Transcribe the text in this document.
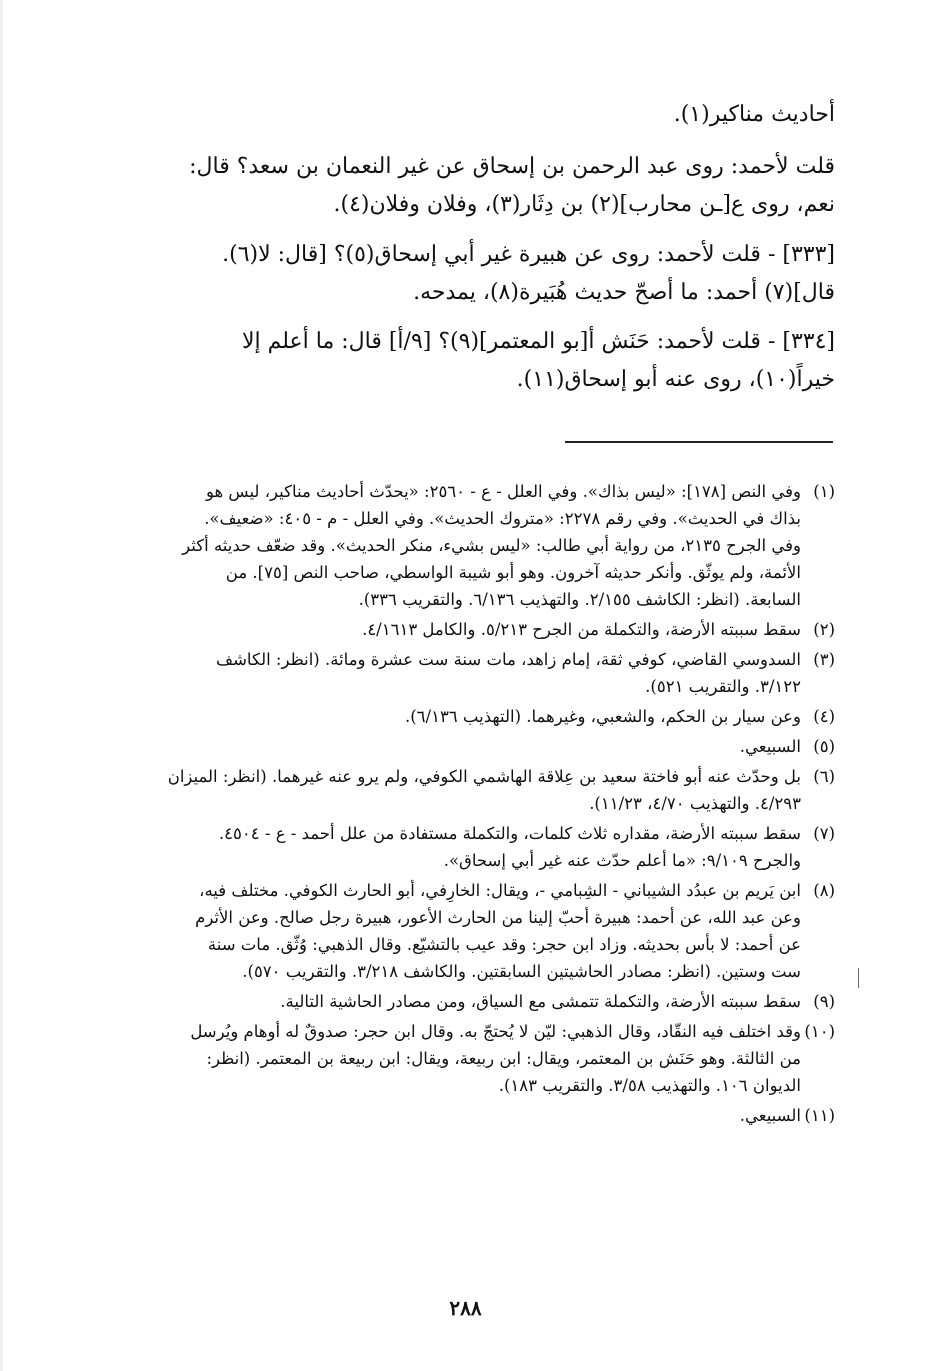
أحاديث مناكير(١).

قلت لأحمد: روى عبد الرحمن بن إسحاق عن غير النعمان بن سعد؟ قال:

نعم، روى ع[ـن محارب](٢) بن دِثَار(٣)، وفلان وفلان(٤).

[٣٣٣] - قلت لأحمد: روى عن هبيرة غير أبي إسحاق(٥)؟ [قال: لا(٦).

قال](٧) أحمد: ما أصحّ حديث هُبَيرة(٨)، يمدحه.

[٣٣٤] - قلت لأحمد: حَنَش أ[بو المعتمر](٩)؟ [٩/أ] قال: ما أعلم إلا

خيراً(١٠)، روى عنه أبو إسحاق(١١).

(١)
وفي النص [١٧٨]: «ليس بذاك». وفي العلل - ع - ٢٥٦٠: «يحدّث أحاديث مناكير، ليس هو
بذاك في الحديث». وفي رقم ٢٢٧٨: «متروك الحديث». وفي العلل - م - ٤٠٥: «ضعيف».
وفي الجرح ٢١٣٥، من رواية أبي طالب: «ليس بشيء، منكر الحديث». وقد ضعّف حديثه أكثر
الأئمة، ولم يوثّق. وأنكر حديثه آخرون. وهو أبو شيبة الواسطي، صاحب النص [٧٥]. من
السابعة. (انظر: الكاشف ٢/١٥٥. والتهذيب ٦/١٣٦. والتقريب ٣٣٦).
(٢)
سقط سببته الأرضة، والتكملة من الجرح ٥/٢١٣. والكامل ٤/١٦١٣.
(٣)
السدوسي القاضي، كوفي ثقة، إمام زاهد، مات سنة ست عشرة ومائة. (انظر: الكاشف
٣/١٢٢. والتقريب ٥٢١).
(٤)
وعن سيار بن الحكم، والشعبي، وغيرهما. (التهذيب ٦/١٣٦).
(٥)
السبيعي.
(٦)
بل وحدّث عنه أبو فاختة سعيد بن عِلاقة الهاشمي الكوفي، ولم يرو عنه غيرهما. (انظر: الميزان
٤/٢٩٣. والتهذيب ٤/٧٠، ١١/٢٣).
(٧)
سقط سببته الأرضة، مقداره ثلاث كلمات، والتكملة مستفادة من علل أحمد - ع - ٤٥٠٤.
والجرح ٩/١٠٩: «ما أعلم حدّث عنه غير أبي إسحاق».
(٨)
ابن يَريم بن عبدُد الشيباني - الشِبامي -، ويقال: الخارِفي، أبو الحارث الكوفي. مختلف فيه،
وعن عبد الله، عن أحمد: هبيرة أحبّ إلينا من الحارث الأعور، هبيرة رجل صالح. وعن الأثرم
عن أحمد: لا بأس بحديثه. وزاد ابن حجر: وقد عيب بالتشيّع. وقال الذهبي: وُثّق. مات سنة
ست وستين. (انظر: مصادر الحاشيتين السابقتين. والكاشف ٣/٢١٨. والتقريب ٥٧٠).
(٩)
سقط سببته الأرضة، والتكملة تتمشى مع السياق، ومن مصادر الحاشية التالية.
(١٠)
وقد اختلف فيه النقّاد، وقال الذهبي: ليّن لا يُحتجّ به. وقال ابن حجر: صدوقٌ له أوهام ويُرسل
من الثالثة. وهو حَنَش بن المعتمر، ويقال: ابن ربيعة، ويقال: ابن ربيعة بن المعتمر. (انظر:
الديوان ١٠٦. والتهذيب ٣/٥٨. والتقريب ١٨٣).
(١١)
السبيعي.
٢٨٨
